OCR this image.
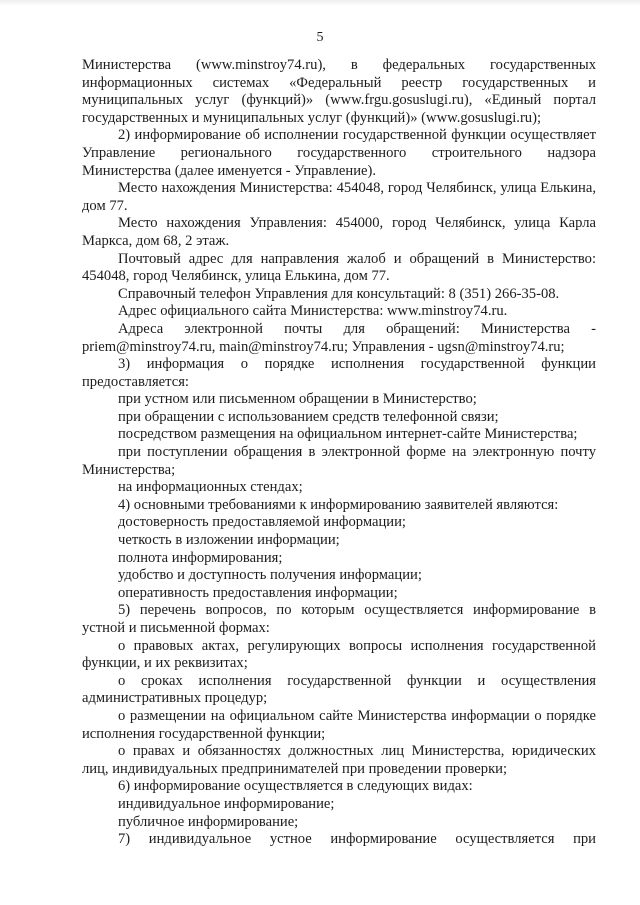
5

Министерства (www.minstroy74.ru), в федеральных государственных информационных системах «Федеральный реестр государственных и муниципальных услуг (функций)» (www.frgu.gosuslugi.ru), «Единый портал государственных и муниципальных услуг (функций)» (www.gosuslugi.ru);

2) информирование об исполнении государственной функции осуществляет Управление регионального государственного строительного надзора Министерства (далее именуется - Управление).

Место нахождения Министерства: 454048, город Челябинск, улица Елькина, дом 77.

Место нахождения Управления: 454000, город Челябинск, улица Карла Маркса, дом 68, 2 этаж.

Почтовый адрес для направления жалоб и обращений в Министерство: 454048, город Челябинск, улица Елькина, дом 77.

Справочный телефон Управления для консультаций: 8 (351) 266-35-08.

Адрес официального сайта Министерства: www.minstroy74.ru.

Адреса электронной почты для обращений: Министерства - priem@minstroy74.ru, main@minstroy74.ru; Управления - ugsn@minstroy74.ru;

3) информация о порядке исполнения государственной функции предоставляется:

при устном или письменном обращении в Министерство;

при обращении с использованием средств телефонной связи;

посредством размещения на официальном интернет-сайте Министерства;

при поступлении обращения в электронной форме на электронную почту Министерства;

на информационных стендах;

4) основными требованиями к информированию заявителей являются:

достоверность предоставляемой информации;

четкость в изложении информации;

полнота информирования;

удобство и доступность получения информации;

оперативность предоставления информации;

5) перечень вопросов, по которым осуществляется информирование в устной и письменной формах:

о правовых актах, регулирующих вопросы исполнения государственной функции, и их реквизитах;

о сроках исполнения государственной функции и осуществления административных процедур;

о размещении на официальном сайте Министерства информации о порядке исполнения государственной функции;

о правах и обязанностях должностных лиц Министерства, юридических лиц, индивидуальных предпринимателей при проведении проверки;

6) информирование осуществляется в следующих видах:

индивидуальное информирование;

публичное информирование;

7) индивидуальное устное информирование осуществляется при
